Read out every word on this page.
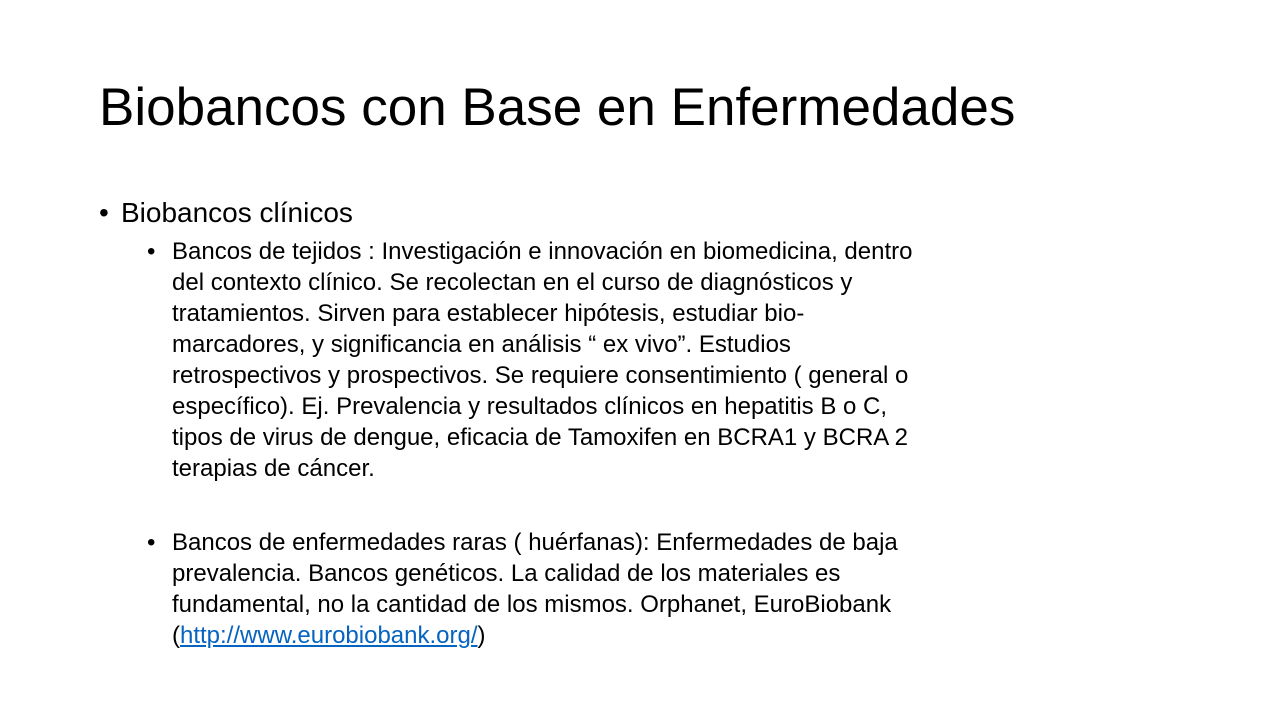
Biobancos con Base en Enfermedades
• Biobancos clínicos
• Bancos de tejidos : Investigación e innovación en biomedicina, dentro
del contexto clínico. Se recolectan en el curso de diagnósticos y
tratamientos. Sirven para establecer hipótesis, estudiar bio-
marcadores, y significancia en análisis “ ex vivo”. Estudios
retrospectivos y prospectivos. Se requiere consentimiento ( general o
específico). Ej. Prevalencia y resultados clínicos en hepatitis B o C,
tipos de virus de dengue, eficacia de Tamoxifen en BCRA1 y BCRA 2
terapias de cáncer.
• Bancos de enfermedades raras ( huérfanas): Enfermedades de baja
prevalencia. Bancos genéticos. La calidad de los materiales es
fundamental, no la cantidad de los mismos. Orphanet, EuroBiobank
(http://www.eurobiobank.org/)
